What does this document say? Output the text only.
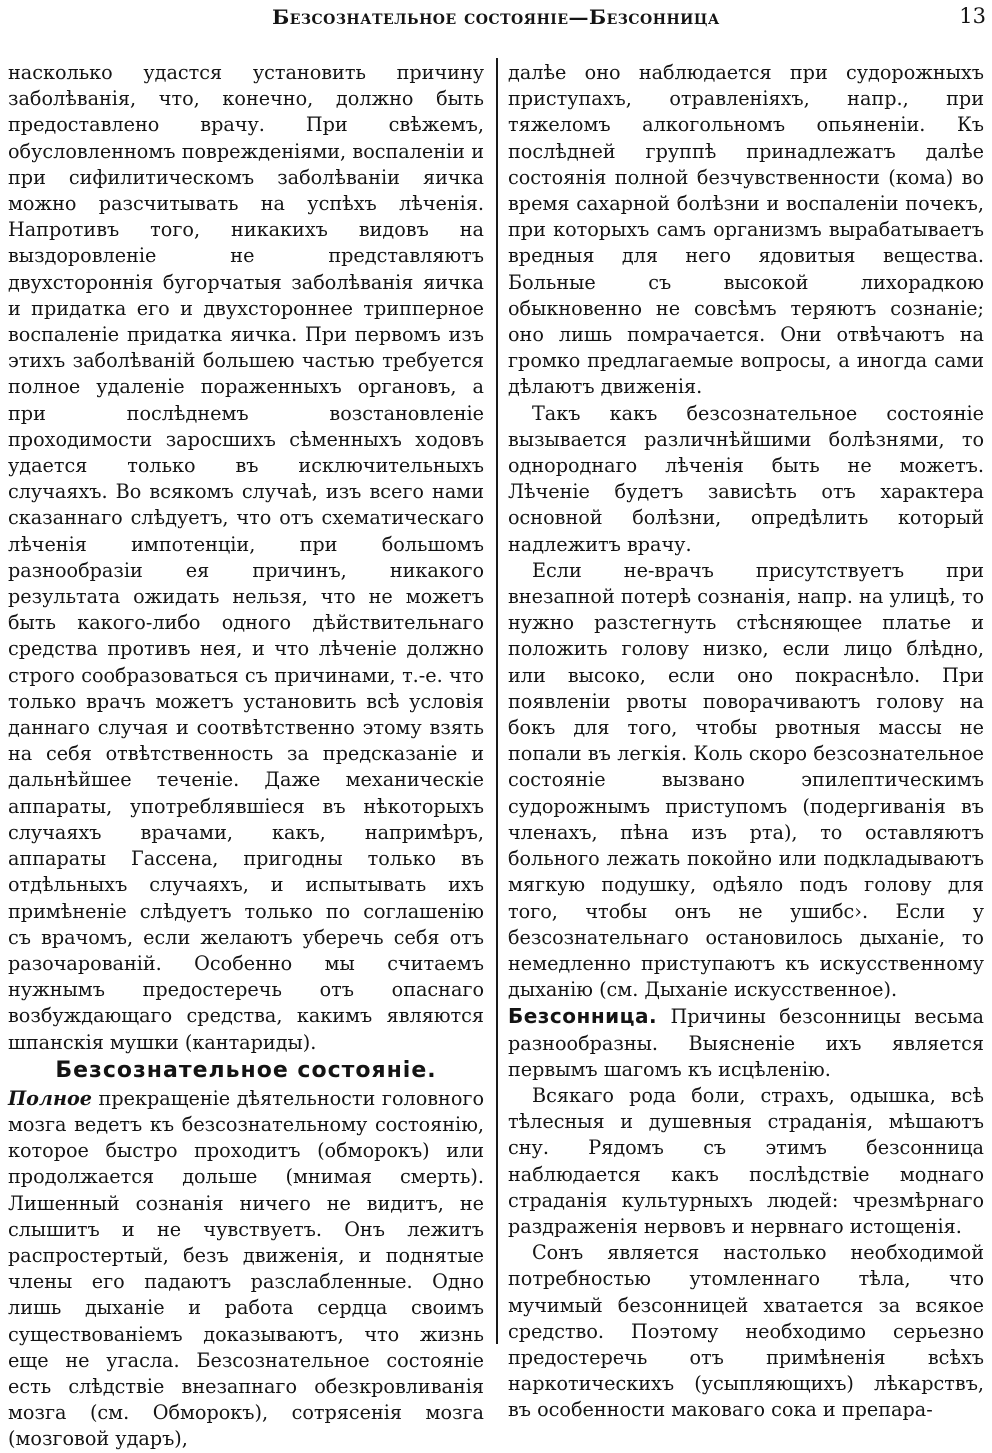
Безсознательное состояніе—Безсонница	13

насколько удастся установить причину заболѣванія, что, конечно, должно быть предоставлено врачу. При свѣжемъ, обусловленномъ поврежденіями, воспаленіи и при сифилитическомъ заболѣваніи яичка можно разсчитывать на успѣхъ лѣченія. Напротивъ того, никакихъ видовъ на выздоровленіе не представляютъ двухстороннія бугорчатыя заболѣванія яичка и придатка его и двухстороннее трипперное воспаленіе придатка яичка. При первомъ изъ этихъ заболѣваній большею частью требуется полное удаленіе пораженныхъ органовъ, а при послѣднемъ возстановленіе проходимости заросшихъ сѣменныхъ ходовъ удается только въ исключительныхъ случаяхъ. Во всякомъ случаѣ, изъ всего нами сказаннаго слѣдуетъ, что отъ схематическаго лѣченія импотенціи, при большомъ разнообразіи ея причинъ, никакого результата ожидать нельзя, что не можетъ быть какого-либо одного дѣйствительнаго средства противъ нея, и что лѣченіе должно строго сообразоваться съ причинами, т.-е. что только врачъ можетъ установить всѣ условія даннаго случая и соотвѣтственно этому взять на себя отвѣтственность за предсказаніе и дальнѣйшее теченіе. Даже механическіе аппараты, употреблявшіеся въ нѣкоторыхъ случаяхъ врачами, какъ, напримѣръ, аппараты Гассена, пригодны только въ отдѣльныхъ случаяхъ, и испытывать ихъ примѣненіе слѣдуетъ только по соглашенію съ врачомъ, если желаютъ уберечь себя отъ разочарованій. Особенно мы считаемъ нужнымъ предостеречь отъ опаснаго возбуждающаго средства, какимъ являются шпанскія мушки (кантариды).

Безсознательное состояніе.

Полное прекращеніе дѣятельности головного мозга ведетъ къ безсознательному состоянію, которое быстро проходитъ (обморокъ) или продолжается дольше (мнимая смерть). Лишенный сознанія ничего не видитъ, не слышитъ и не чувствуетъ. Онъ лежитъ распростертый, безъ движенія, и поднятые члены его падаютъ разслабленные. Одно лишь дыханіе и работа сердца своимъ существованіемъ доказываютъ, что жизнь еще не угасла. Безсознательное состояніе есть слѣдствіе внезапнаго обезкровливанія мозга (см. Обморокъ), сотрясенія мозга (мозговой ударъ),

далѣе оно наблюдается при судорожныхъ приступахъ, отравленіяхъ, напр., при тяжеломъ алкогольномъ опьяненіи. Къ послѣдней группѣ принадлежатъ далѣе состоянія полной безчувственности (кома) во время сахарной болѣзни и воспаленіи почекъ, при которыхъ самъ организмъ вырабатываетъ вредныя для него ядовитыя вещества. Больные съ высокой лихорадкою обыкновенно не совсѣмъ теряютъ сознаніе; оно лишь помрачается. Они отвѣчаютъ на громко предлагаемые вопросы, а иногда сами дѣлаютъ движенія.

Такъ какъ безсознательное состояніе вызывается различнѣйшими болѣзнями, то однороднаго лѣченія быть не можетъ. Лѣченіе будетъ зависѣть отъ характера основной болѣзни, опредѣлить который надлежитъ врачу.

Если не-врачъ присутствуетъ при внезапной потерѣ сознанія, напр. на улицѣ, то нужно разстегнуть стѣсняющее платье и положить голову низко, если лицо блѣдно, или высоко, если оно покраснѣло. При появленіи рвоты поворачиваютъ голову на бокъ для того, чтобы рвотныя массы не попали въ легкія. Коль скоро безсознательное состояніе вызвано эпилептическимъ судорожнымъ приступомъ (подергиванія въ членахъ, пѣна изъ рта), то оставляютъ больного лежать покойно или подкладываютъ мягкую подушку, одѣяло подъ голову для того, чтобы онъ не ушибс›. Если у безсознательнаго остановилось дыханіе, то немедленно приступаютъ къ искусственному дыханію (см. Дыханіе искусственное).

Безсонница. Причины безсонницы весьма разнообразны. Выясненіе ихъ является первымъ шагомъ къ исцѣленію.

Всякаго рода боли, страхъ, одышка, всѣ тѣлесныя и душевныя страданія, мѣшаютъ сну. Рядомъ съ этимъ безсонница наблюдается какъ послѣдствіе моднаго страданія культурныхъ людей: чрезмѣрнаго раздраженія нервовъ и нервнаго истощенія.

Сонъ является настолько необходимой потребностью утомленнаго тѣла, что мучимый безсонницей хватается за всякое средство. Поэтому необходимо серьезно предостеречь отъ примѣненія всѣхъ наркотическихъ (усыпляющихъ) лѣкарствъ, въ особенности маковаго сока и препара-
